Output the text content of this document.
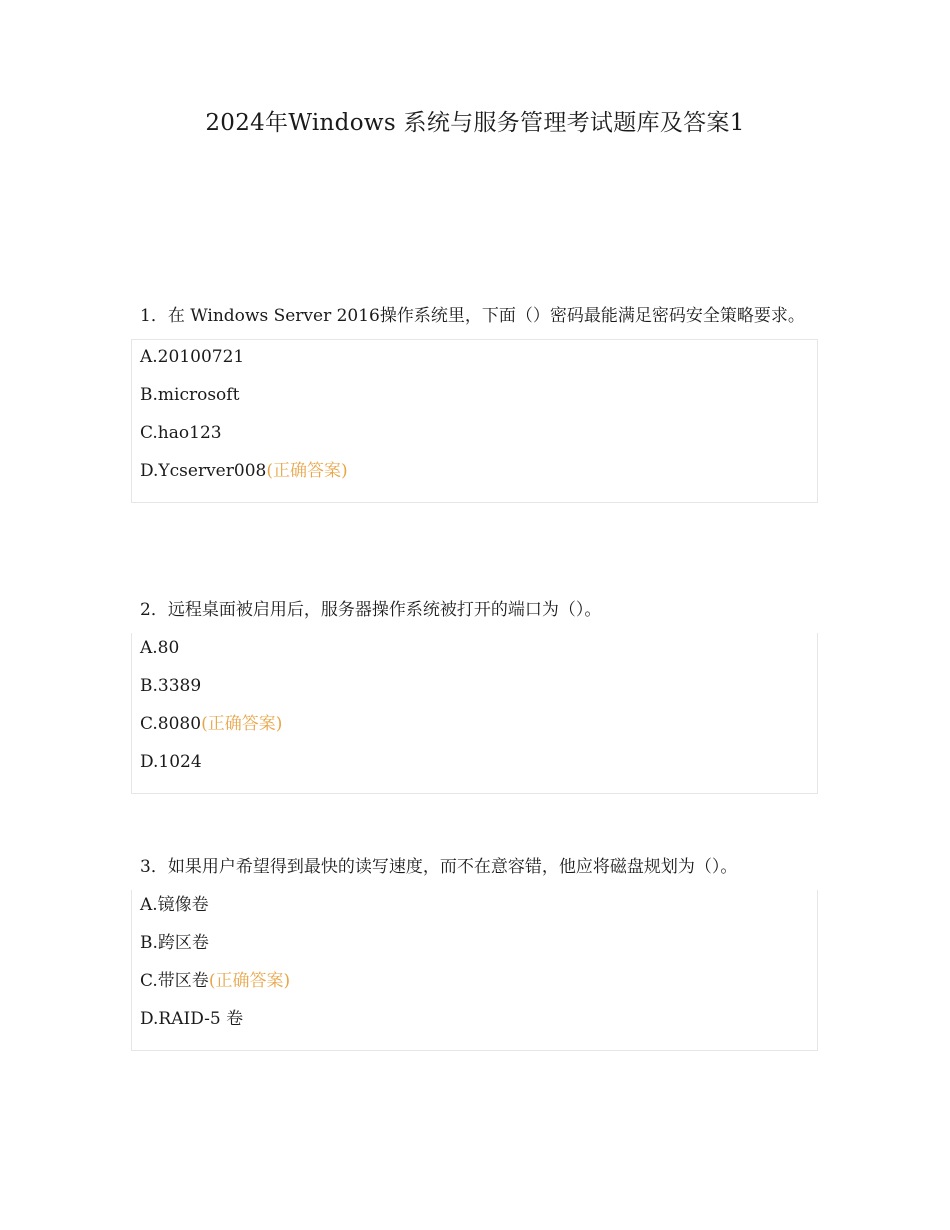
2024年Windows 系统与服务管理考试题库及答案1

1．在 Windows Server 2016操作系统里，下面（）密码最能满足密码安全策略要求。

A.20100721
B.microsoft
C.hao123
D.Ycserver008(正确答案)

2．远程桌面被启用后，服务器操作系统被打开的端口为（）。

A.80
B.3389
C.8080(正确答案)
D.1024

3．如果用户希望得到最快的读写速度，而不在意容错，他应将磁盘规划为（）。

A.镜像卷
B.跨区卷
C.带区卷(正确答案)
D.RAID-5 卷
